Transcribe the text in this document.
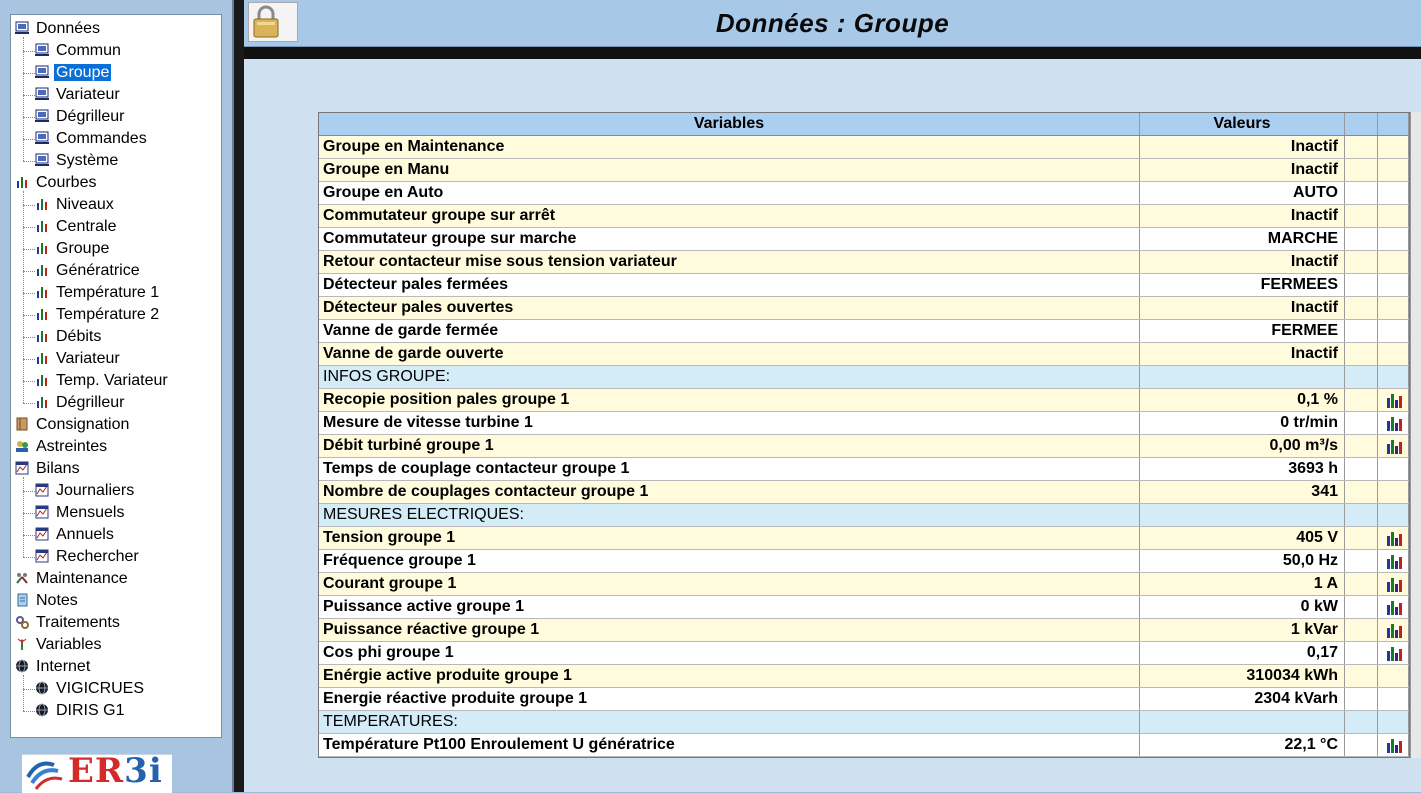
Données
Commun
Groupe
Variateur
Dégrilleur
Commandes
Système
Courbes
Niveaux
Centrale
Groupe
Génératrice
Température 1
Température 2
Débits
Variateur
Temp. Variateur
Dégrilleur
Consignation
Astreintes
Bilans
Journaliers
Mensuels
Annuels
Rechercher
Maintenance
Notes
Traitements
Variables
Internet
VIGICRUES
DIRIS G1
ER3i
Données : Groupe
Variables	Valeurs
Groupe en Maintenance	Inactif
Groupe en Manu	Inactif
Groupe en Auto	AUTO
Commutateur groupe sur arrêt	Inactif
Commutateur groupe sur marche	MARCHE
Retour contacteur mise sous tension variateur	Inactif
Détecteur pales fermées	FERMEES
Détecteur pales ouvertes	Inactif
Vanne de garde fermée	FERMEE
Vanne de garde ouverte	Inactif
INFOS GROUPE:
Recopie position pales groupe 1	0,1 %
Mesure de vitesse turbine 1	0 tr/min
Débit turbiné groupe 1	0,00 m³/s
Temps de couplage contacteur groupe 1	3693 h
Nombre de couplages contacteur groupe 1	341
MESURES ELECTRIQUES:
Tension groupe 1	405 V
Fréquence groupe 1	50,0 Hz
Courant groupe 1	1 A
Puissance active groupe 1	0 kW
Puissance réactive groupe 1	1 kVar
Cos phi groupe 1	0,17
Enérgie active produite groupe 1	310034 kWh
Energie réactive produite groupe 1	2304 kVarh
TEMPERATURES:
Température Pt100 Enroulement U génératrice	22,1 °C
